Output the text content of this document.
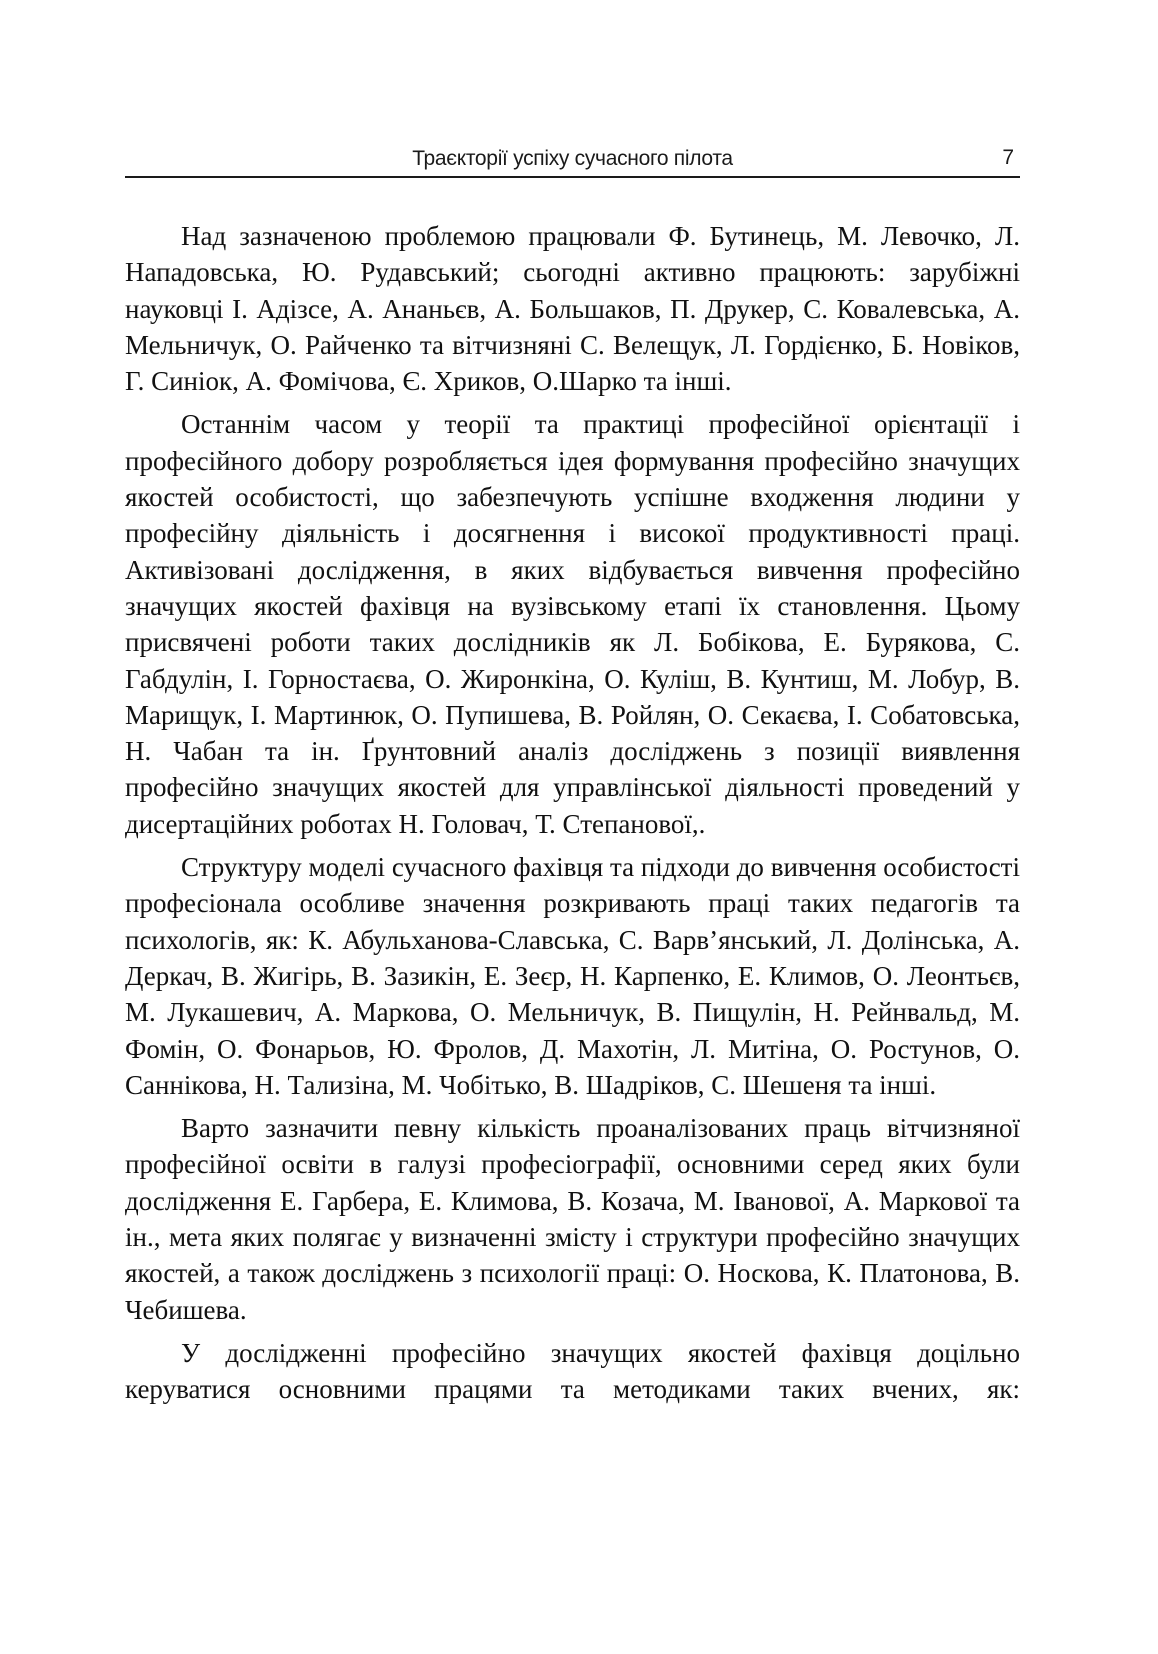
Траєкторії успіху сучасного пілота	7

Над зазначеною проблемою працювали Ф. Бутинець, М. Левочко, Л. Нападовська, Ю. Рудавський; сьогодні активно працюють: зарубіжні науковці І. Адізсе, А. Ананьєв, А. Большаков, П. Друкер, С. Ковалевська, А. Мельничук, О. Райченко та вітчизняні С. Велещук, Л. Гордієнко, Б. Новіков, Г. Синіок, А. Фомічова, Є. Хриков, О.Шарко та інші.

Останнім часом у теорії та практиці професійної орієнтації і професійного добору розробляється ідея формування професійно значущих якостей особистості, що забезпечують успішне входження людини у професійну діяльність і досягнення і високої продуктивності праці. Активізовані дослідження, в яких відбувається вивчення професійно значущих якостей фахівця на вузівському етапі їх становлення. Цьому присвячені роботи таких дослідників як Л. Бобікова, Е. Бурякова, С. Габдулін, І. Горностаєва, О. Жиронкіна, О. Куліш, В. Кунтиш, М. Лобур, В. Марищук, І. Мартинюк, О. Пупишева, В. Ройлян, О. Секаєва, І. Собатовська, Н. Чабан та ін. Ґрунтовний аналіз досліджень з позиції виявлення професійно значущих якостей для управлінської діяльності проведений у дисертаційних роботах Н. Головач, Т. Степанової,.

Структуру моделі сучасного фахівця та підходи до вивчення особистості професіонала особливе значення розкривають праці таких педагогів та психологів, як: К. Абульханова-Славська, С. Варв’янський, Л. Долінська, А. Деркач, В. Жигірь, В. Зазикін, Е. Зеєр, Н. Карпенко, Е. Климов, О. Леонтьєв, М. Лукашевич, А. Маркова, О. Мельничук, В. Пищулін, Н. Рейнвальд, М. Фомін, О. Фонарьов, Ю. Фролов, Д. Махотін, Л. Митіна, О. Ростунов, О. Саннікова, Н. Тализіна, М. Чобітько, В. Шадріков, С. Шешеня та інші.

Варто зазначити певну кількість проаналізованих праць вітчизняної професійної освіти в галузі професіографії, основними серед яких були дослідження Е. Гарбера, Е. Климова, В. Козача, М. Іванової, А. Маркової та ін., мета яких полягає у визначенні змісту і структури професійно значущих якостей, а також досліджень з психології праці: О. Носкова, К. Платонова, В. Чебишева.

У дослідженні професійно значущих якостей фахівця доцільно керуватися основними працями та методиками таких вчених, як:
